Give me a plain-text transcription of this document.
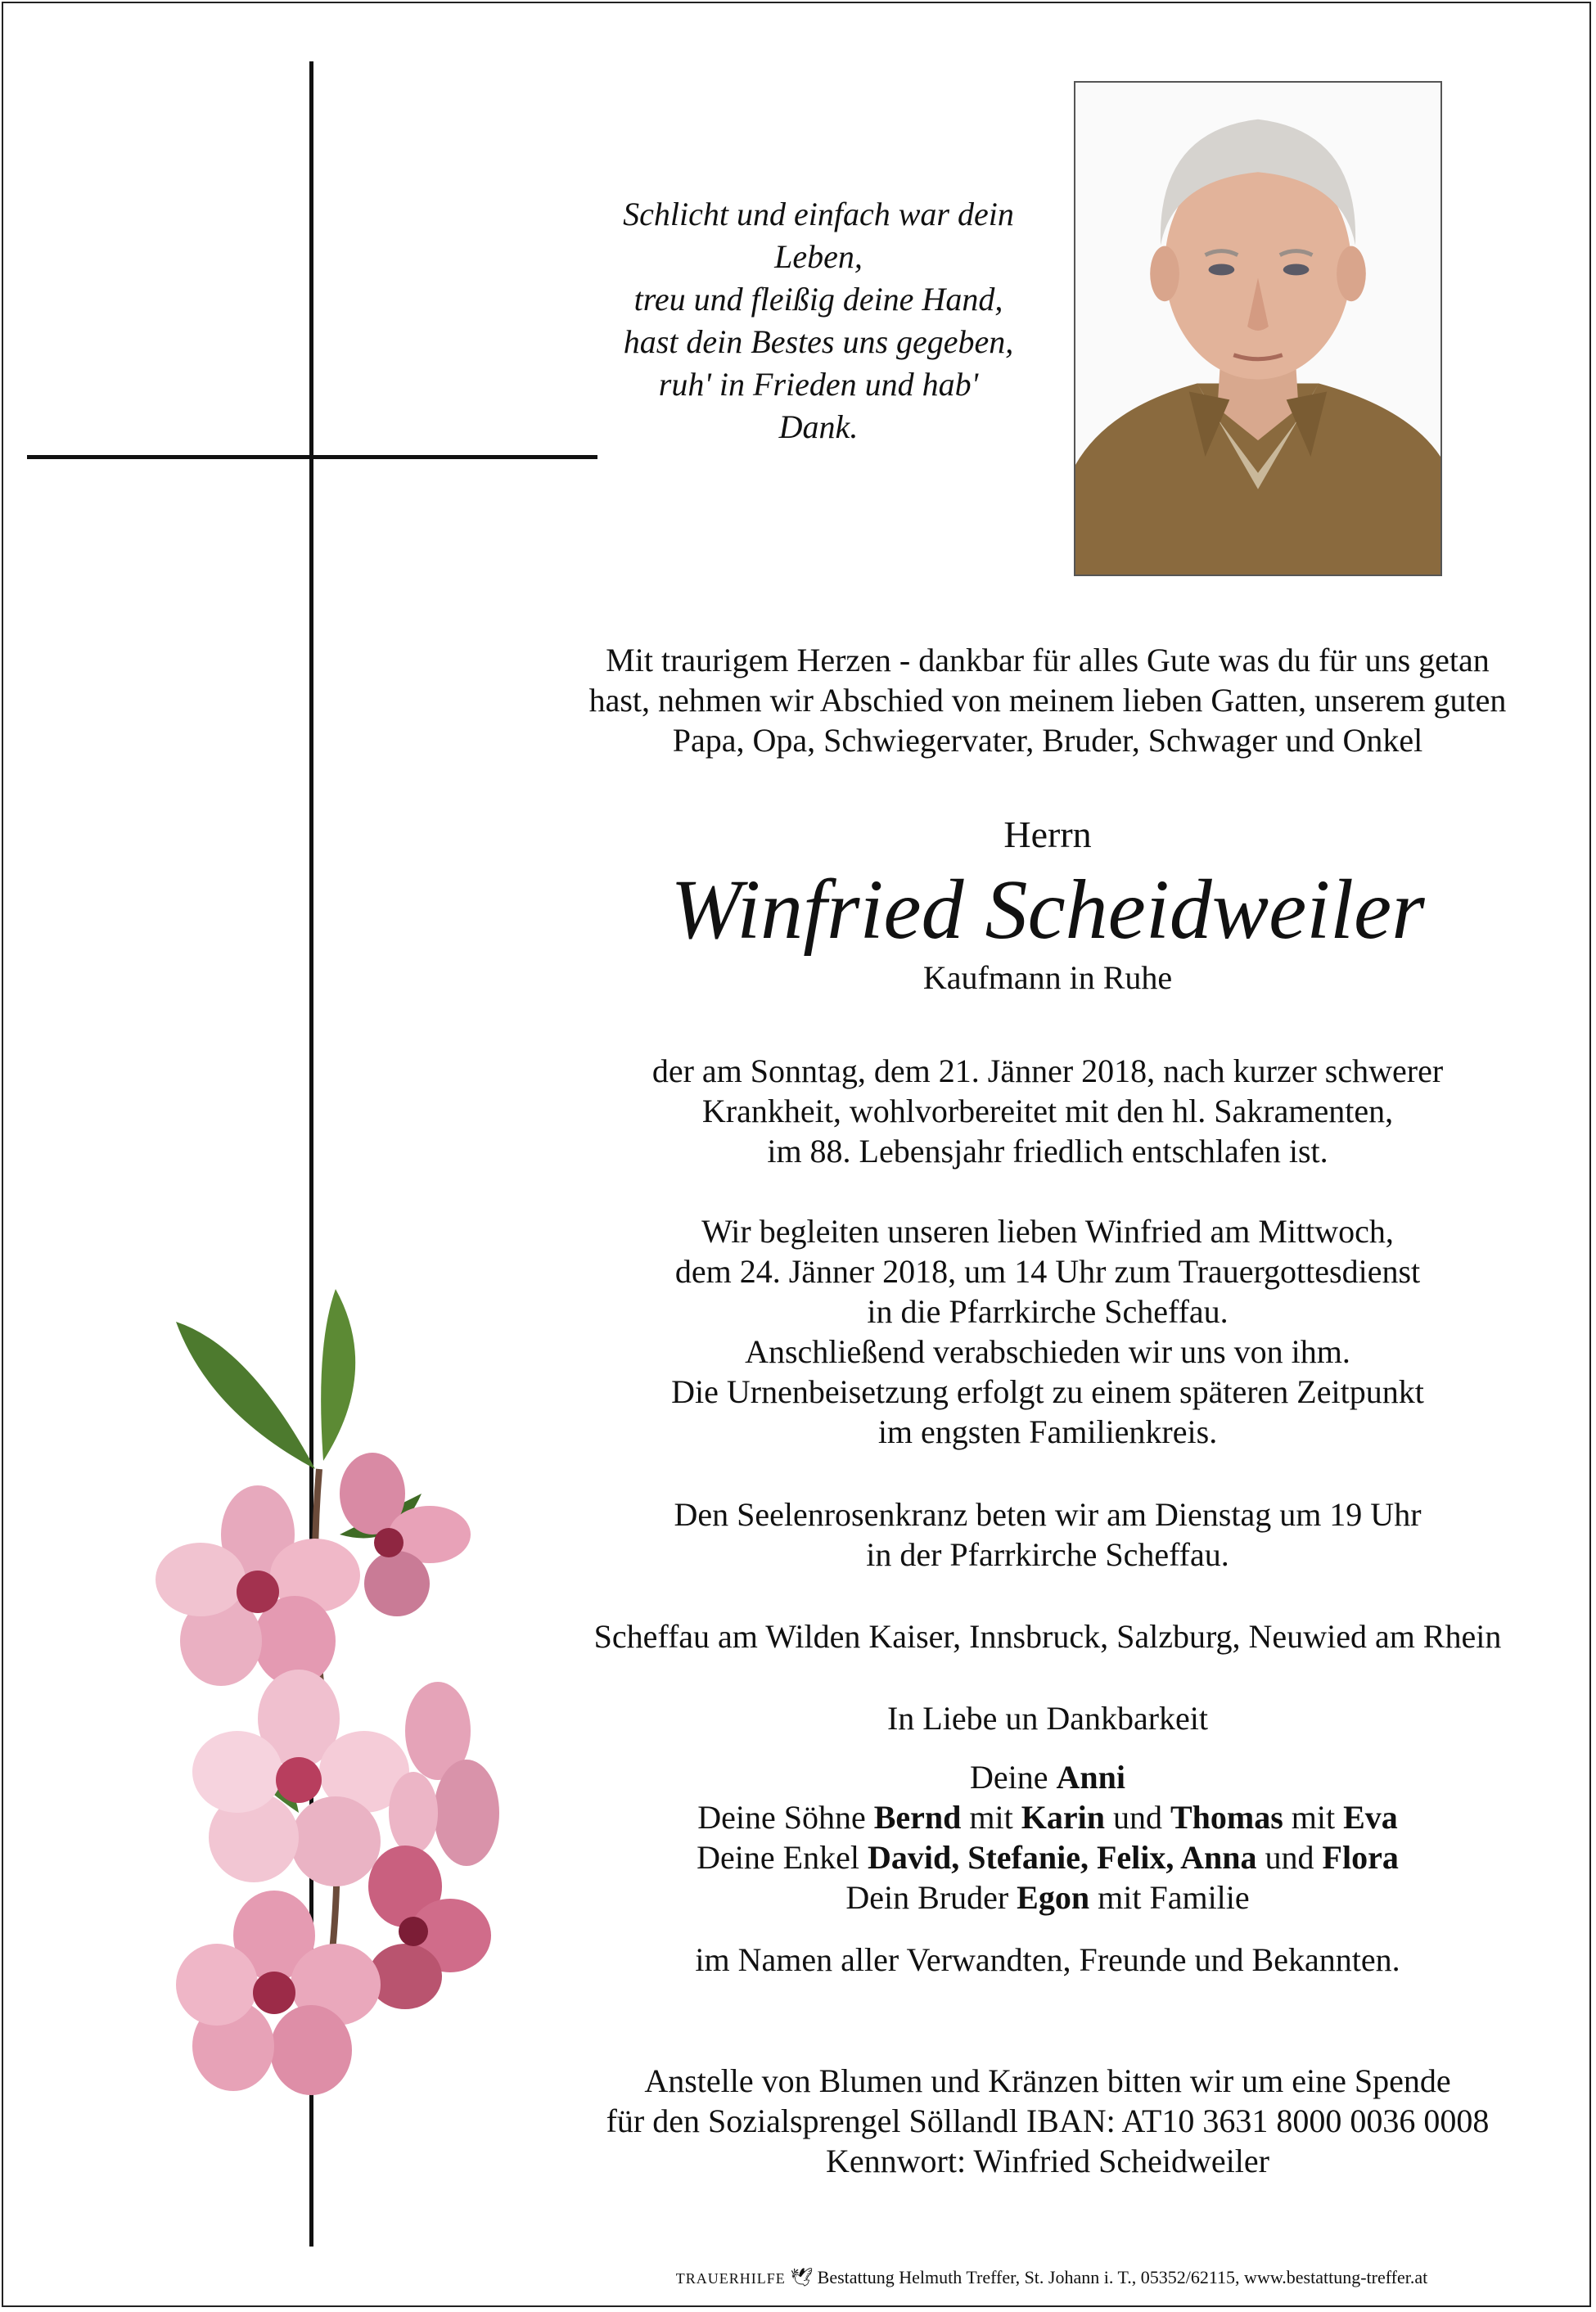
Schlicht und einfach war dein
Leben,
treu und fleißig deine Hand,
hast dein Bestes uns gegeben,
ruh' in Frieden und hab'
Dank.
Mit traurigem Herzen - dankbar für alles Gute was du für uns getan
hast, nehmen wir Abschied von meinem lieben Gatten, unserem guten
Papa, Opa, Schwiegervater, Bruder, Schwager und Onkel
Herrn
Winfried Scheidweiler
Kaufmann in Ruhe
der am Sonntag, dem 21. Jänner 2018, nach kurzer schwerer
Krankheit, wohlvorbereitet mit den hl. Sakramenten,
im 88. Lebensjahr friedlich entschlafen ist.
Wir begleiten unseren lieben Winfried am Mittwoch,
dem 24. Jänner 2018, um 14 Uhr zum Trauergottesdienst
in die Pfarrkirche Scheffau.
Anschließend verabschieden wir uns von ihm.
Die Urnenbeisetzung erfolgt zu einem späteren Zeitpunkt
im engsten Familienkreis.
Den Seelenrosenkranz beten wir am Dienstag um 19 Uhr
in der Pfarrkirche Scheffau.
Scheffau am Wilden Kaiser, Innsbruck, Salzburg, Neuwied am Rhein
In Liebe un Dankbarkeit
Deine Anni
Deine Söhne Bernd mit Karin und Thomas mit Eva
Deine Enkel David, Stefanie, Felix, Anna und Flora
Dein Bruder Egon mit Familie
im Namen aller Verwandten, Freunde und Bekannten.
Anstelle von Blumen und Kränzen bitten wir um eine Spende
für den Sozialsprengel Söllandl IBAN: AT10 3631 8000 0036 0008
Kennwort: Winfried Scheidweiler
TRAUERHILFE 🕊 Bestattung Helmuth Treffer, St. Johann i. T., 05352/62115, www.bestattung-treffer.at
